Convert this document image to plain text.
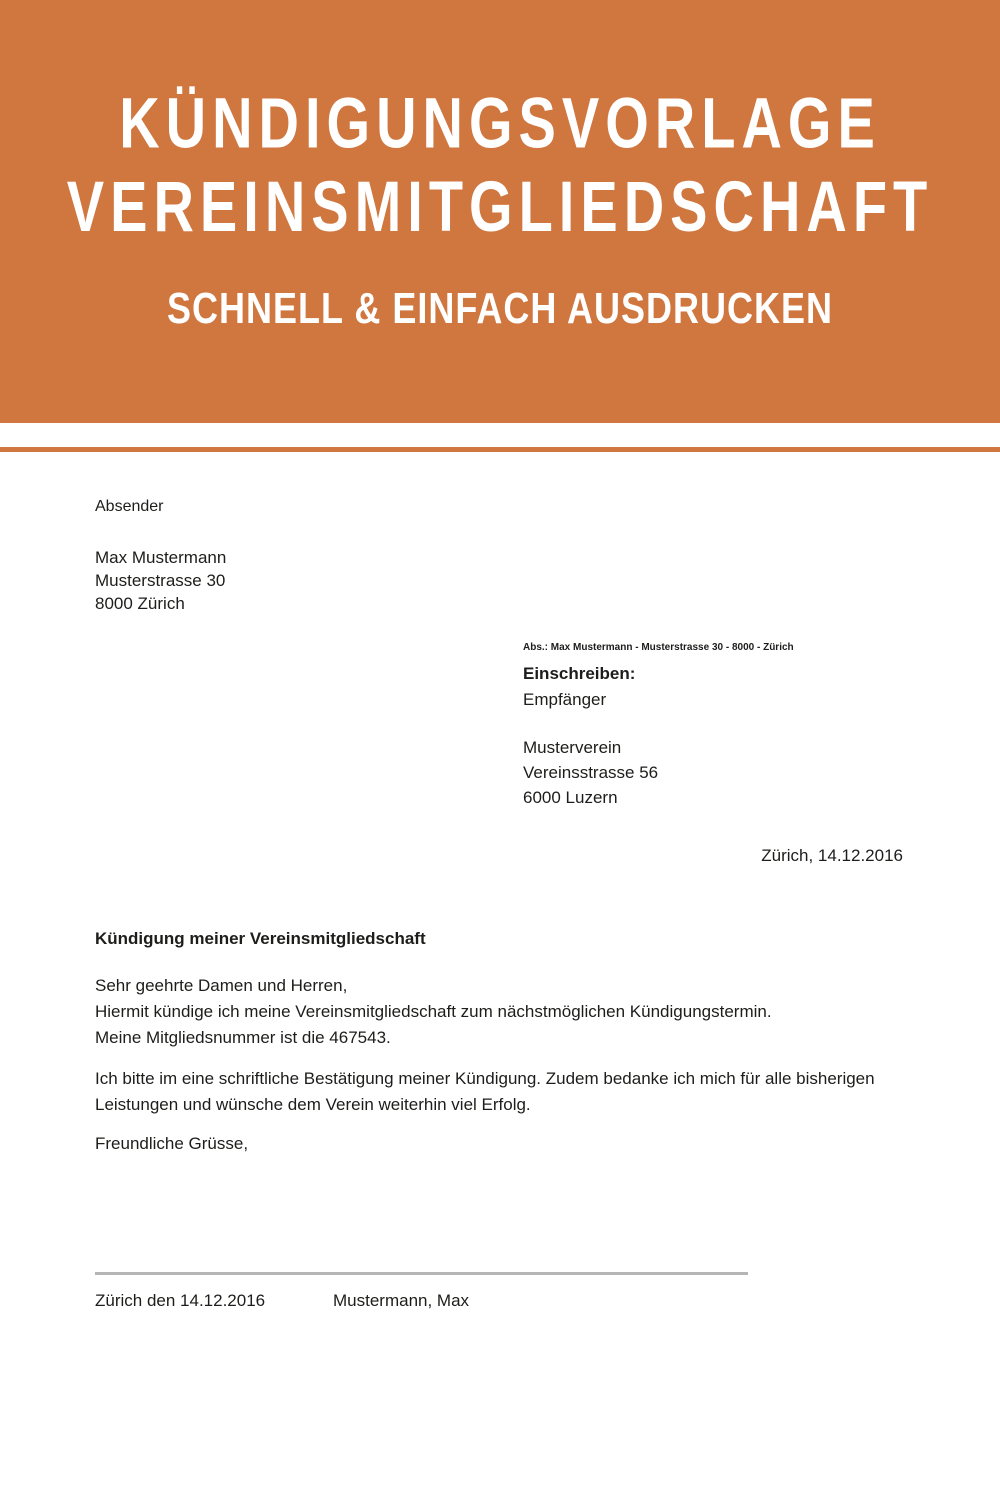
KÜNDIGUNGSVORLAGE VEREINSMITGLIEDSCHAFT
SCHNELL & EINFACH AUSDRUCKEN
Absender
Max Mustermann
Musterstrasse 30
8000 Zürich
Abs.: Max Mustermann - Musterstrasse 30 - 8000 - Zürich
Einschreiben:
Empfänger
Musterverein
Vereinsstrasse 56
6000 Luzern
Zürich, 14.12.2016
Kündigung meiner Vereinsmitgliedschaft
Sehr geehrte Damen und Herren,
Hiermit kündige ich meine Vereinsmitgliedschaft zum nächstmöglichen Kündigungstermin.
Meine Mitgliedsnummer ist die 467543.
Ich bitte im eine schriftliche Bestätigung meiner Kündigung. Zudem bedanke ich mich für alle bisherigen Leistungen und wünsche dem Verein weiterhin viel Erfolg.
Freundliche Grüsse,
Zürich den 14.12.2016	Mustermann, Max
